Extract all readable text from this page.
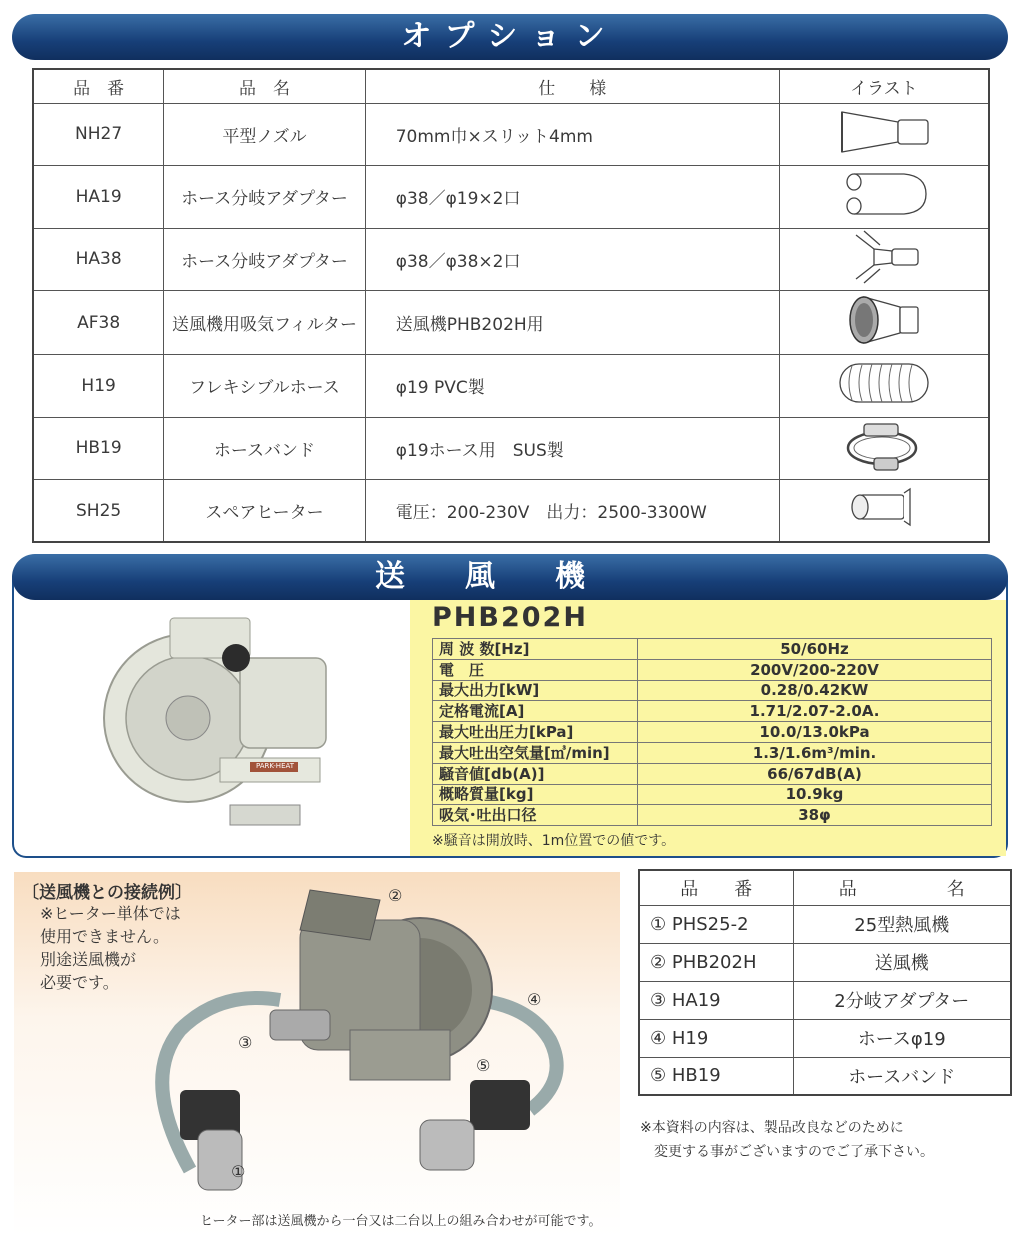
オプション
品　番	品　名	仕　　様	イラスト
NH27	平型ノズル	70mm巾×スリット4mm	
HA19	ホース分岐アダプター	φ38／φ19×2口	
HA38	ホース分岐アダプター	φ38／φ38×2口	
AF38	送風機用吸気フィルター	送風機PHB202H用	
H19	フレキシブルホース	φ19 PVC製	
HB19	ホースバンド	φ19ホース用　SUS製	
SH25	スペアヒーター	電圧：200-230V　出力：2500-3300W	
送風機
PARK-HEAT
PHB202H
周 波 数[Hz]	50/60Hz
電　圧	200V/200-220V
最大出力[kW]	0.28/0.42KW
定格電流[A]	1.71/2.07-2.0A.
最大吐出圧力[kPa]	10.0/13.0kPa
最大吐出空気量[㎥/min]	1.3/1.6m³/min.
騒音値[db(A)]	66/67dB(A)
概略質量[kg]	10.9kg
吸気･吐出口径	38φ
※騒音は開放時、1m位置での値です。
〔送風機との接続例〕
※ヒーター単体では
使用できません。
別途送風機が
必要です。
②
③
④
⑤
①
ヒーター部は送風機から一台又は二台以上の組み合わせが可能です。
品　　番	品　　　　　名
① PHS25-2	25型熱風機
② PHB202H	送風機
③ HA19	2分岐アダプター
④ H19	ホースφ19
⑤ HB19	ホースバンド
※本資料の内容は、製品改良などのために
　変更する事がございますのでご了承下さい。
